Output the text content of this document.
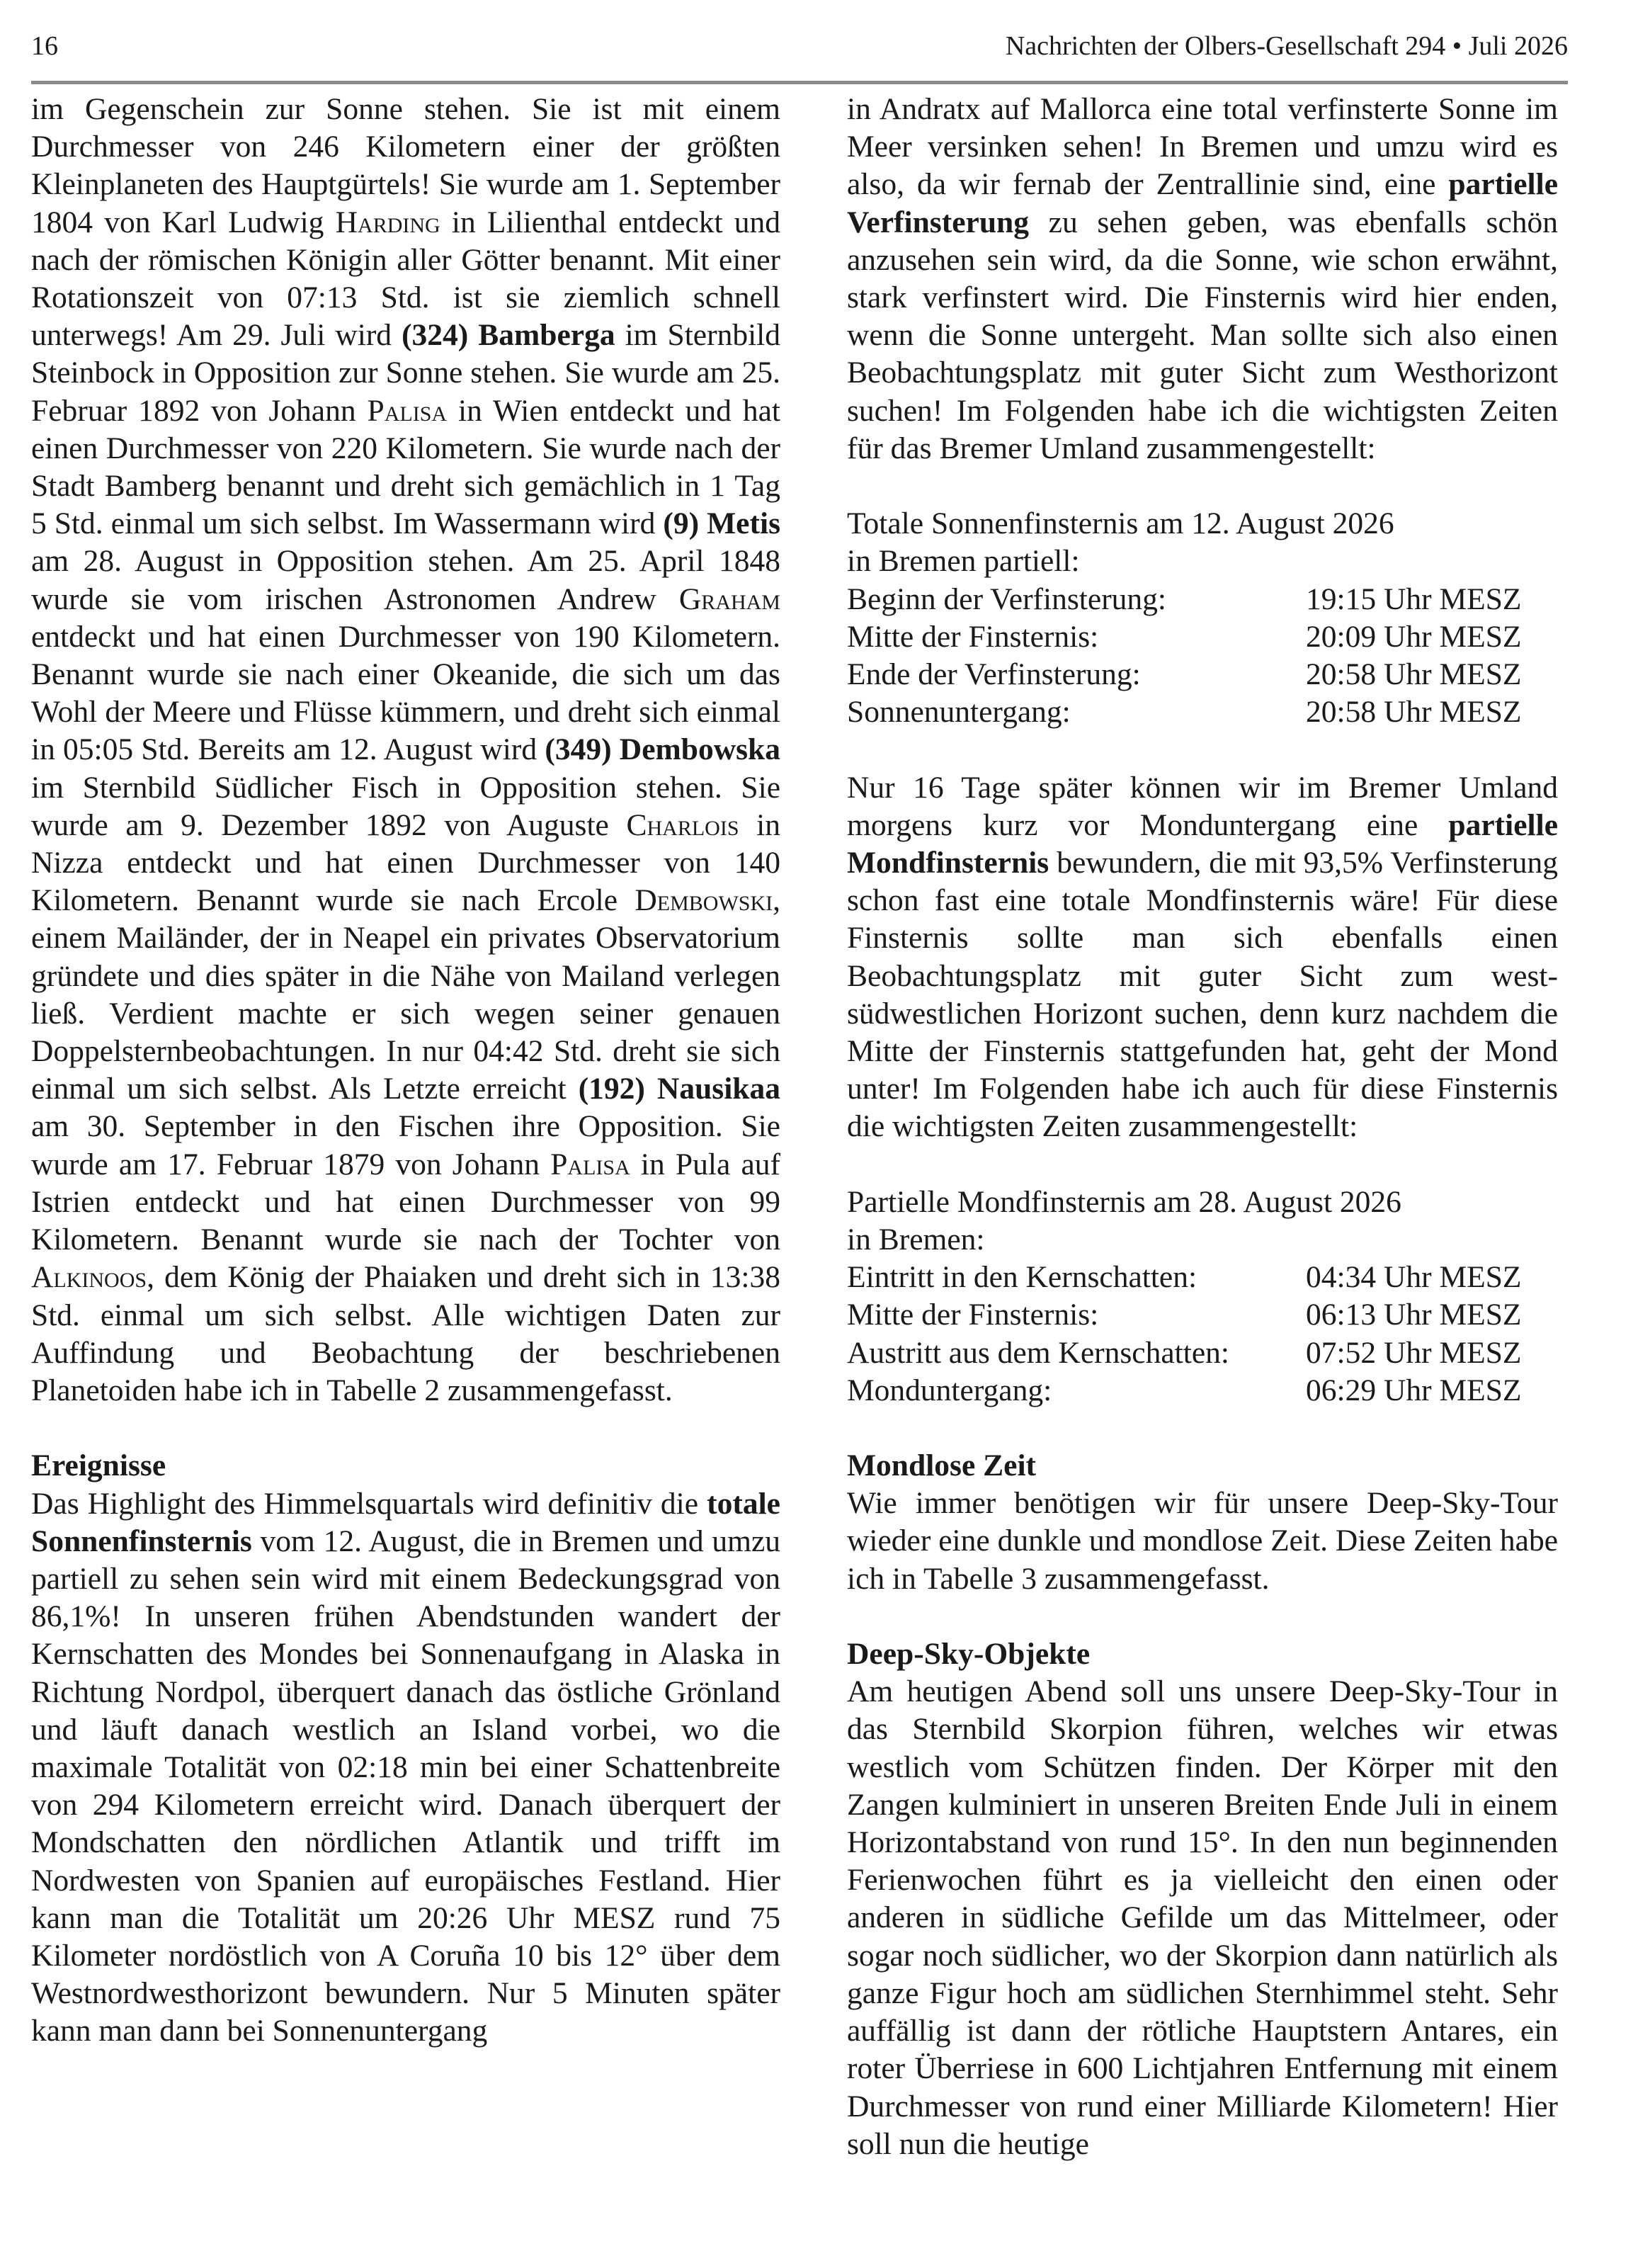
16	Nachrichten der Olbers-Gesellschaft 294 • Juli 2026

im Gegenschein zur Sonne stehen. Sie ist mit einem Durchmesser von 246 Kilometern einer der größten Kleinplaneten des Hauptgürtels! Sie wurde am 1. September 1804 von Karl Ludwig Harding in Lilienthal entdeckt und nach der römischen Königin aller Götter benannt. Mit einer Rotationszeit von 07:13 Std. ist sie ziemlich schnell unterwegs! Am 29. Juli wird (324) Bamberga im Sternbild Steinbock in Opposition zur Sonne stehen. Sie wurde am 25. Februar 1892 von Johann Palisa in Wien entdeckt und hat einen Durchmesser von 220 Kilometern. Sie wurde nach der Stadt Bamberg benannt und dreht sich gemächlich in 1 Tag 5 Std. einmal um sich selbst. Im Wassermann wird (9) Metis am 28. August in Opposition stehen. Am 25. April 1848 wurde sie vom irischen Astronomen Andrew Graham entdeckt und hat einen Durchmesser von 190 Kilometern. Benannt wurde sie nach einer Okeanide, die sich um das Wohl der Meere und Flüsse kümmern, und dreht sich einmal in 05:05 Std. Bereits am 12. August wird (349) Dembowska im Sternbild Südlicher Fisch in Opposition stehen. Sie wurde am 9. Dezember 1892 von Auguste Charlois in Nizza entdeckt und hat einen Durchmesser von 140 Kilometern. Benannt wurde sie nach Ercole Dembowski, einem Mailänder, der in Neapel ein privates Observatorium gründete und dies später in die Nähe von Mailand verlegen ließ. Verdient machte er sich wegen seiner genauen Doppelsternbeobachtungen. In nur 04:42 Std. dreht sie sich einmal um sich selbst. Als Letzte erreicht (192) Nausikaa am 30. September in den Fischen ihre Opposition. Sie wurde am 17. Februar 1879 von Johann Palisa in Pula auf Istrien entdeckt und hat einen Durchmesser von 99 Kilometern. Benannt wurde sie nach der Tochter von Alkinoos, dem König der Phaiaken und dreht sich in 13:38 Std. einmal um sich selbst. Alle wichtigen Daten zur Auffindung und Beobachtung der beschriebenen Planetoiden habe ich in Tabelle 2 zusammengefasst.

Ereignisse

Das Highlight des Himmelsquartals wird definitiv die totale Sonnenfinsternis vom 12. August, die in Bremen und umzu partiell zu sehen sein wird mit einem Bedeckungsgrad von 86,1%! In unseren frühen Abendstunden wandert der Kernschatten des Mondes bei Sonnenaufgang in Alaska in Richtung Nordpol, überquert danach das östliche Grönland und läuft danach westlich an Island vorbei, wo die maximale Totalität von 02:18 min bei einer Schattenbreite von 294 Kilometern erreicht wird. Danach überquert der Mondschatten den nördlichen Atlantik und trifft im Nordwesten von Spanien auf europäisches Festland. Hier kann man die Totalität um 20:26 Uhr MESZ rund 75 Kilometer nordöstlich von A Coruña 10 bis 12° über dem Westnordwesthorizont bewundern. Nur 5 Minuten später kann man dann bei Sonnenuntergang

in Andratx auf Mallorca eine total verfinsterte Sonne im Meer versinken sehen! In Bremen und umzu wird es also, da wir fernab der Zentrallinie sind, eine partielle Verfinsterung zu sehen geben, was ebenfalls schön anzusehen sein wird, da die Sonne, wie schon erwähnt, stark verfinstert wird. Die Finsternis wird hier enden, wenn die Sonne untergeht. Man sollte sich also einen Beobachtungsplatz mit guter Sicht zum Westhorizont suchen! Im Folgenden habe ich die wichtigsten Zeiten für das Bremer Umland zusammengestellt:

Totale Sonnenfinsternis am 12. August 2026
in Bremen partiell:
Beginn der Verfinsterung:	19:15 Uhr MESZ
Mitte der Finsternis:	20:09 Uhr MESZ
Ende der Verfinsterung:	20:58 Uhr MESZ
Sonnenuntergang:	20:58 Uhr MESZ

Nur 16 Tage später können wir im Bremer Umland morgens kurz vor Monduntergang eine partielle Mondfinsternis bewundern, die mit 93,5% Verfinsterung schon fast eine totale Mondfinsternis wäre! Für diese Finsternis sollte man sich ebenfalls einen Beobachtungsplatz mit guter Sicht zum westsüdwestlichen Horizont suchen, denn kurz nachdem die Mitte der Finsternis stattgefunden hat, geht der Mond unter! Im Folgenden habe ich auch für diese Finsternis die wichtigsten Zeiten zusammengestellt:

Partielle Mondfinsternis am 28. August 2026
in Bremen:
Eintritt in den Kernschatten:	04:34 Uhr MESZ
Mitte der Finsternis:	06:13 Uhr MESZ
Austritt aus dem Kernschatten:	07:52 Uhr MESZ
Monduntergang:	06:29 Uhr MESZ
Mondlose Zeit

Wie immer benötigen wir für unsere Deep-Sky-Tour wieder eine dunkle und mondlose Zeit. Diese Zeiten habe ich in Tabelle 3 zusammengefasst.

Deep-Sky-Objekte

Am heutigen Abend soll uns unsere Deep-Sky-Tour in das Sternbild Skorpion führen, welches wir etwas westlich vom Schützen finden. Der Körper mit den Zangen kulminiert in unseren Breiten Ende Juli in einem Horizontabstand von rund 15°. In den nun beginnenden Ferienwochen führt es ja vielleicht den einen oder anderen in südliche Gefilde um das Mittelmeer, oder sogar noch südlicher, wo der Skorpion dann natürlich als ganze Figur hoch am südlichen Sternhimmel steht. Sehr auffällig ist dann der rötliche Hauptstern Antares, ein roter Überriese in 600 Lichtjahren Entfernung mit einem Durchmesser von rund einer Milliarde Kilometern! Hier soll nun die heutige
